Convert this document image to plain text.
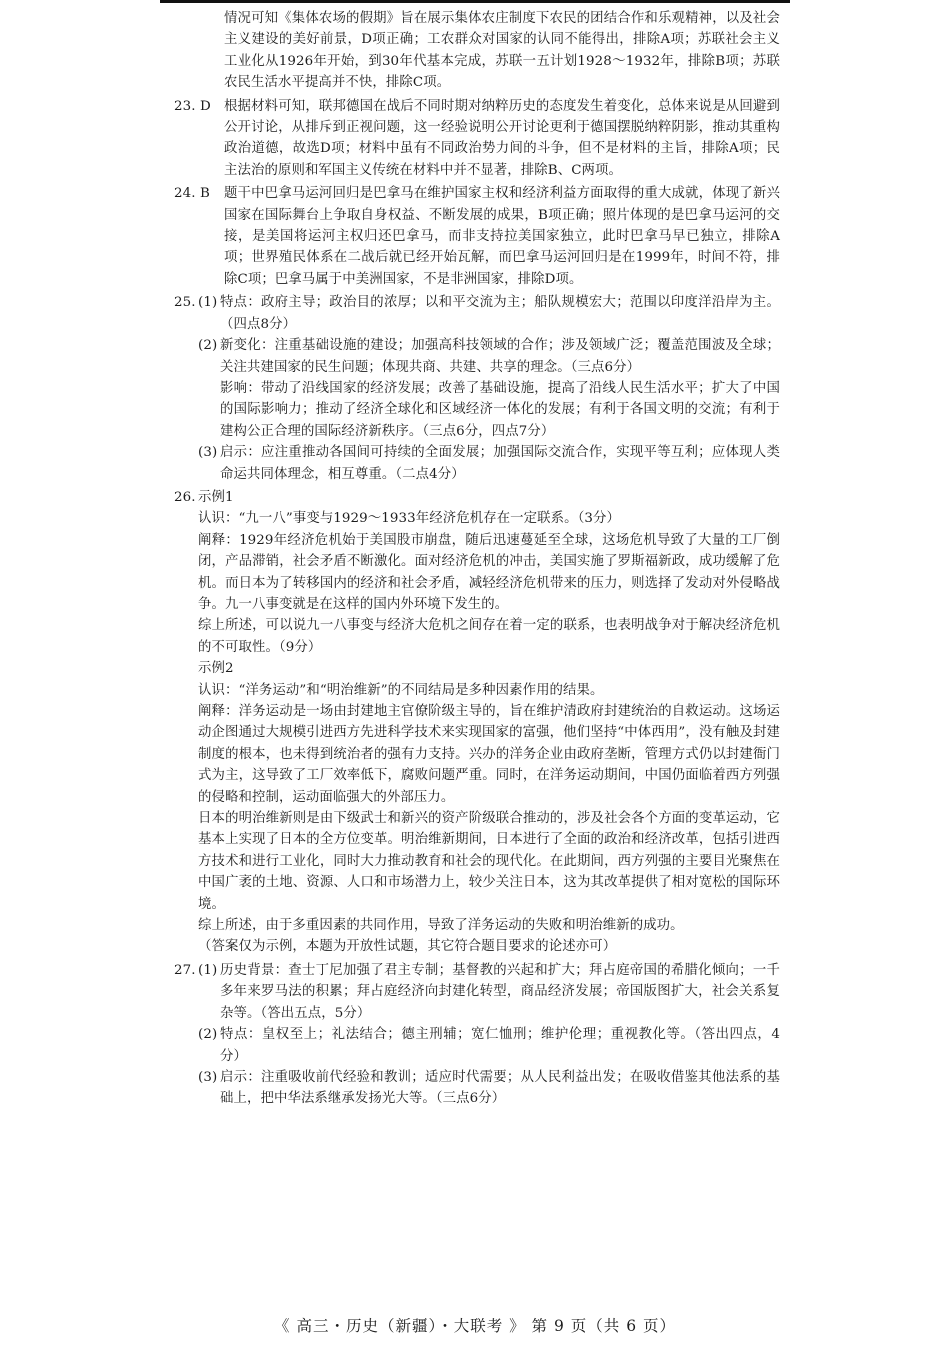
情况可知《集体农场的假期》旨在展示集体农庄制度下农民的团结合作和乐观精神，以及社会主义建设的美好前景，D项正确；工农群众对国家的认同不能得出，排除A项；苏联社会主义工业化从1926年开始，到30年代基本完成，苏联一五计划1928～1932年，排除B项；苏联农民生活水平提高并不快，排除C项。

23. D 根据材料可知，联邦德国在战后不同时期对纳粹历史的态度发生着变化，总体来说是从回避到公开讨论，从排斥到正视问题，这一经验说明公开讨论更利于德国摆脱纳粹阴影，推动其重构政治道德，故选D项；材料中虽有不同政治势力间的斗争，但不是材料的主旨，排除A项；民主法治的原则和军国主义传统在材料中并不显著，排除B、C两项。

24. B	题干中巴拿马运河回归是巴拿马在维护国家主权和经济利益方面取得的重大成就，体现了新兴国家在国际舞台上争取自身权益、不断发展的成果，B项正确；照片体现的是巴拿马运河的交接，是美国将运河主权归还巴拿马，而非支持拉美国家独立，此时巴拿马早已独立，排除A项；世界殖民体系在二战后就已经开始瓦解，而巴拿马运河回归是在1999年，时间不符，排除C项；巴拿马属于中美洲国家，不是非洲国家，排除D项。

25. (1) 特点：政府主导；政治目的浓厚；以和平交流为主；船队规模宏大；范围以印度洋沿岸为主。（四点8分）

(2) 新变化：注重基础设施的建设；加强高科技领域的合作；涉及领域广泛；覆盖范围波及全球；关注共建国家的民生问题；体现共商、共建、共享的理念。（三点6分）

影响：带动了沿线国家的经济发展；改善了基础设施，提高了沿线人民生活水平；扩大了中国的国际影响力；推动了经济全球化和区域经济一体化的发展；有利于各国文明的交流；有利于建构公正合理的国际经济新秩序。（三点6分，四点7分）

(3) 启示：应注重推动各国间可持续的全面发展；加强国际交流合作，实现平等互利；应体现人类命运共同体理念，相互尊重。（二点4分）

26. 示例1

认识：“九一八”事变与1929～1933年经济危机存在一定联系。（3分）

阐释：1929年经济危机始于美国股市崩盘，随后迅速蔓延至全球，这场危机导致了大量的工厂倒闭，产品滞销，社会矛盾不断激化。面对经济危机的冲击，美国实施了罗斯福新政，成功缓解了危机。而日本为了转移国内的经济和社会矛盾，减轻经济危机带来的压力，则选择了发动对外侵略战争。九一八事变就是在这样的国内外环境下发生的。

综上所述，可以说九一八事变与经济大危机之间存在着一定的联系，也表明战争对于解决经济危机的不可取性。（9分）

示例2

认识：“洋务运动”和“明治维新”的不同结局是多种因素作用的结果。

阐释：洋务运动是一场由封建地主官僚阶级主导的，旨在维护清政府封建统治的自救运动。这场运动企图通过大规模引进西方先进科学技术来实现国家的富强，他们坚持“中体西用”，没有触及封建制度的根本，也未得到统治者的强有力支持。兴办的洋务企业由政府垄断，管理方式仍以封建衙门式为主，这导致了工厂效率低下，腐败问题严重。同时，在洋务运动期间，中国仍面临着西方列强的侵略和控制，运动面临强大的外部压力。

日本的明治维新则是由下级武士和新兴的资产阶级联合推动的，涉及社会各个方面的变革运动，它基本上实现了日本的全方位变革。明治维新期间，日本进行了全面的政治和经济改革，包括引进西方技术和进行工业化，同时大力推动教育和社会的现代化。在此期间，西方列强的主要目光聚焦在中国广袤的土地、资源、人口和市场潜力上，较少关注日本，这为其改革提供了相对宽松的国际环境。

综上所述，由于多重因素的共同作用，导致了洋务运动的失败和明治维新的成功。

（答案仅为示例，本题为开放性试题，其它符合题目要求的论述亦可）

27. (1) 历史背景：查士丁尼加强了君主专制；基督教的兴起和扩大；拜占庭帝国的希腊化倾向；一千多年来罗马法的积累；拜占庭经济向封建化转型，商品经济发展；帝国版图扩大，社会关系复杂等。（答出五点，5分）

(2) 特点：皇权至上；礼法结合；德主刑辅；宽仁恤刑；维护伦理；重视教化等。（答出四点，4分）

(3) 启示：注重吸收前代经验和教训；适应时代需要；从人民利益出发；在吸收借鉴其他法系的基础上，把中华法系继承发扬光大等。（三点6分）

《 高三・历史（新疆）・大联考 》 第 9 页（共 6 页）
